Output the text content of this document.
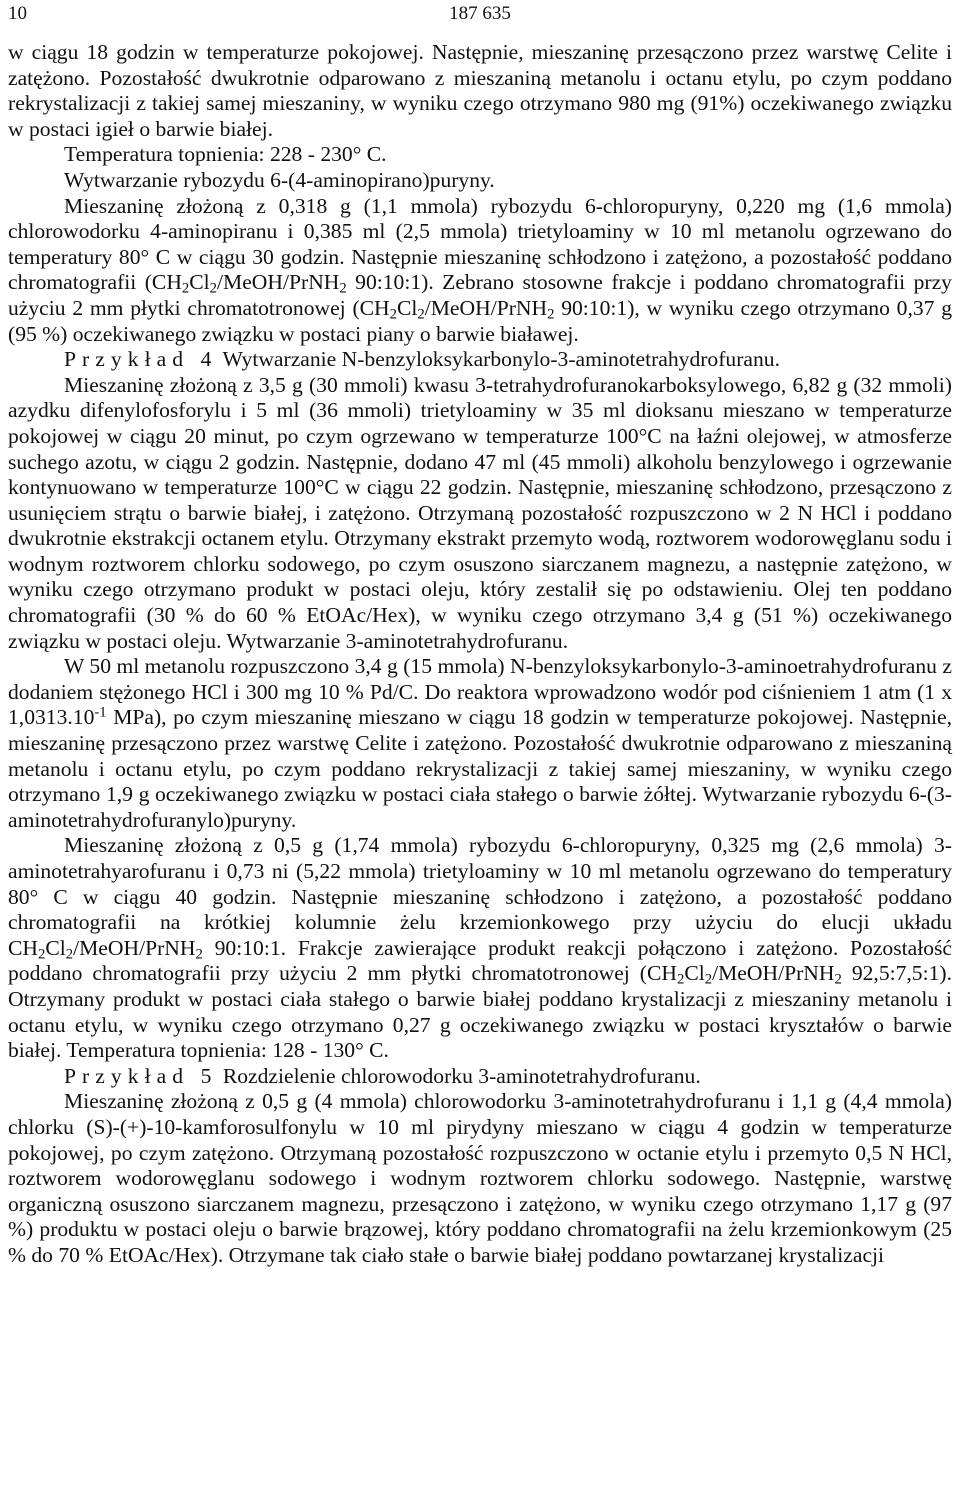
10	187 635

w ciągu 18 godzin w temperaturze pokojowej. Następnie, mieszaninę przesączono przez warstwę Celite i zatężono. Pozostałość dwukrotnie odparowano z mieszaniną metanolu i octanu etylu, po czym poddano rekrystalizacji z takiej samej mieszaniny, w wyniku czego otrzymano 980 mg (91%) oczekiwanego związku w postaci igieł o barwie białej.

Temperatura topnienia: 228 - 230° C.

Wytwarzanie rybozydu 6-(4-aminopirano)puryny.

Mieszaninę złożoną z 0,318 g (1,1 mmola) rybozydu 6-chloropuryny, 0,220 mg (1,6 mmola) chlorowodorku 4-aminopiranu i 0,385 ml (2,5 mmola) trietyloaminy w 10 ml metanolu ogrzewano do temperatury 80° C w ciągu 30 godzin. Następnie mieszaninę schłodzono i zatężono, a pozostałość poddano chromatografii ($CH_2Cl_2/MeOH/PrNH_2$ 90:10:1). Zebrano stosowne frakcje i poddano chromatografii przy użyciu 2 mm płytki chromatotronowej ($CH_2Cl_2/MeOH/PrNH_2$ 90:10:1), w wyniku czego otrzymano 0,37 g (95 %) oczekiwanego związku w postaci piany o barwie białawej.

Przykład 4 Wytwarzanie N-benzyloksykarbonylo-3-aminotetrahydrofuranu.

Mieszaninę złożoną z 3,5 g (30 mmoli) kwasu 3-tetrahydrofuranokarboksylowego, 6,82 g (32 mmoli) azydku difenylofosforylu i 5 ml (36 mmoli) trietyloaminy w 35 ml dioksanu mieszano w temperaturze pokojowej w ciągu 20 minut, po czym ogrzewano w temperaturze 100°C na łaźni olejowej, w atmosferze suchego azotu, w ciągu 2 godzin. Następnie, dodano 47 ml (45 mmoli) alkoholu benzylowego i ogrzewanie kontynuowano w temperaturze 100°C w ciągu 22 godzin. Następnie, mieszaninę schłodzono, przesączono z usunięciem strątu o barwie białej, i zatężono. Otrzymaną pozostałość rozpuszczono w 2 N HCl i poddano dwukrotnie ekstrakcji octanem etylu. Otrzymany ekstrakt przemyto wodą, roztworem wodorowęglanu sodu i wodnym roztworem chlorku sodowego, po czym osuszono siarczanem magnezu, a następnie zatężono, w wyniku czego otrzymano produkt w postaci oleju, który zestalił się po odstawieniu. Olej ten poddano chromatografii (30 % do 60 % EtOAc/Hex), w wyniku czego otrzymano 3,4 g (51 %) oczekiwanego związku w postaci oleju. Wytwarzanie 3-aminotetrahydrofuranu.

W 50 ml metanolu rozpuszczono 3,4 g (15 mmola) N-benzyloksykarbonylo-3-aminoetrahydrofuranu z dodaniem stężonego HCl i 300 mg 10 % Pd/C. Do reaktora wprowadzono wodór pod ciśnieniem 1 atm (1 x $1,0313.10^{-1}$ MPa), po czym mieszaninę mieszano w ciągu 18 godzin w temperaturze pokojowej. Następnie, mieszaninę przesączono przez warstwę Celite i zatężono. Pozostałość dwukrotnie odparowano z mieszaniną metanolu i octanu etylu, po czym poddano rekrystalizacji z takiej samej mieszaniny, w wyniku czego otrzymano 1,9 g oczekiwanego związku w postaci ciała stałego o barwie żółtej. Wytwarzanie rybozydu 6-(3-aminotetrahydrofuranylo)puryny.

Mieszaninę złożoną z 0,5 g (1,74 mmola) rybozydu 6-chloropuryny, 0,325 mg (2,6 mmola) 3-aminotetrahyarofuranu i 0,73 ni (5,22 mmola) trietyloaminy w 10 ml metanolu ogrzewano do temperatury 80° C w ciągu 40 godzin. Następnie mieszaninę schłodzono i zatężono, a pozostałość poddano chromatografii na krótkiej kolumnie żelu krzemionkowego przy użyciu do elucji układu $CH_2Cl_2/MeOH/PrNH_2$ 90:10:1. Frakcje zawierające produkt reakcji połączono i zatężono. Pozostałość poddano chromatografii przy użyciu 2 mm płytki chromatotronowej ($CH_2Cl_2/MeOH/PrNH_2$ 92,5:7,5:1). Otrzymany produkt w postaci ciała stałego o barwie białej poddano krystalizacji z mieszaniny metanolu i octanu etylu, w wyniku czego otrzymano 0,27 g oczekiwanego związku w postaci kryształów o barwie białej. Temperatura topnienia: 128 - 130° C.

Przykład 5 Rozdzielenie chlorowodorku 3-aminotetrahydrofuranu.

Mieszaninę złożoną z 0,5 g (4 mmola) chlorowodorku 3-aminotetrahydrofuranu i 1,1 g (4,4 mmola) chlorku (S)-(+)-10-kamforosulfonylu w 10 ml pirydyny mieszano w ciągu 4 godzin w temperaturze pokojowej, po czym zatężono. Otrzymaną pozostałość rozpuszczono w octanie etylu i przemyto 0,5 N HCl, roztworem wodorowęglanu sodowego i wodnym roztworem chlorku sodowego. Następnie, warstwę organiczną osuszono siarczanem magnezu, przesączono i zatężono, w wyniku czego otrzymano 1,17 g (97 %) produktu w postaci oleju o barwie brązowej, który poddano chromatografii na żelu krzemionkowym (25 % do 70 % EtOAc/Hex). Otrzymane tak ciało stałe o barwie białej poddano powtarzanej krystalizacji
